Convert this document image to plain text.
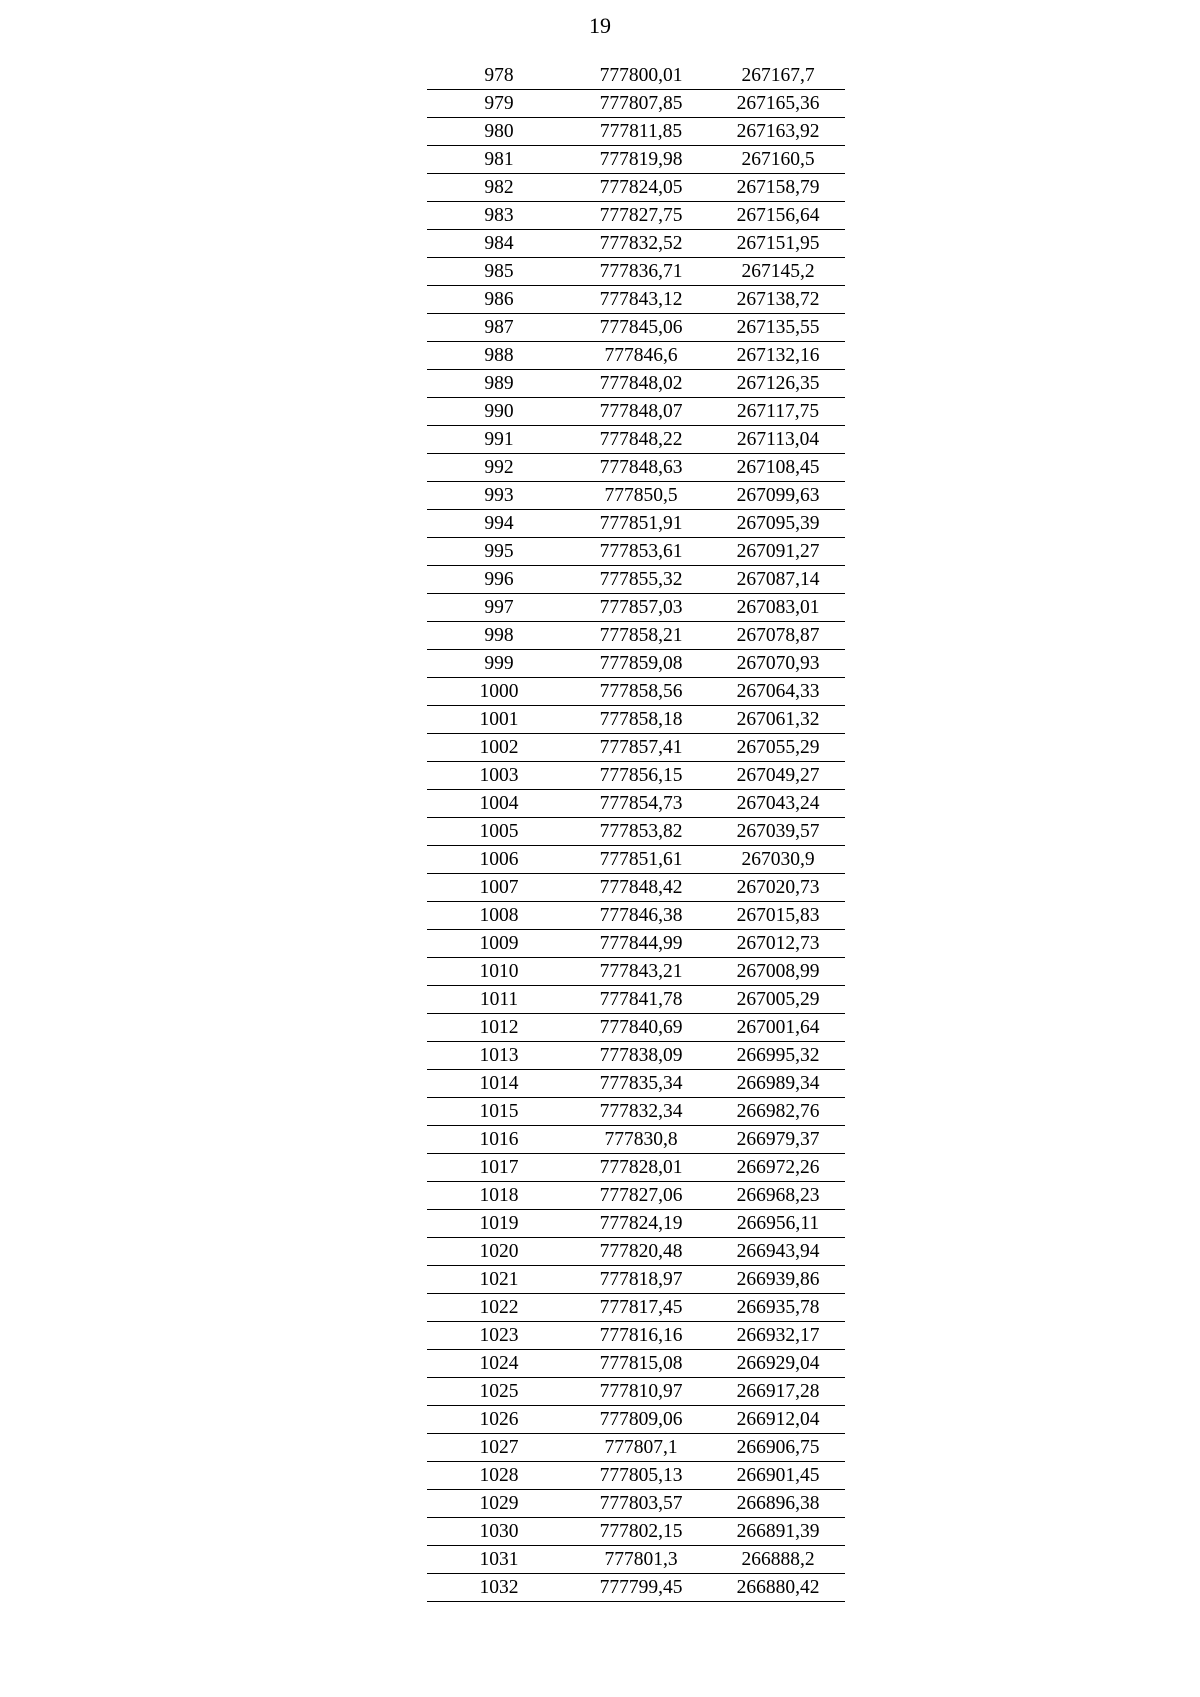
19
978	777800,01	267167,7
979	777807,85	267165,36
980	777811,85	267163,92
981	777819,98	267160,5
982	777824,05	267158,79
983	777827,75	267156,64
984	777832,52	267151,95
985	777836,71	267145,2
986	777843,12	267138,72
987	777845,06	267135,55
988	777846,6	267132,16
989	777848,02	267126,35
990	777848,07	267117,75
991	777848,22	267113,04
992	777848,63	267108,45
993	777850,5	267099,63
994	777851,91	267095,39
995	777853,61	267091,27
996	777855,32	267087,14
997	777857,03	267083,01
998	777858,21	267078,87
999	777859,08	267070,93
1000	777858,56	267064,33
1001	777858,18	267061,32
1002	777857,41	267055,29
1003	777856,15	267049,27
1004	777854,73	267043,24
1005	777853,82	267039,57
1006	777851,61	267030,9
1007	777848,42	267020,73
1008	777846,38	267015,83
1009	777844,99	267012,73
1010	777843,21	267008,99
1011	777841,78	267005,29
1012	777840,69	267001,64
1013	777838,09	266995,32
1014	777835,34	266989,34
1015	777832,34	266982,76
1016	777830,8	266979,37
1017	777828,01	266972,26
1018	777827,06	266968,23
1019	777824,19	266956,11
1020	777820,48	266943,94
1021	777818,97	266939,86
1022	777817,45	266935,78
1023	777816,16	266932,17
1024	777815,08	266929,04
1025	777810,97	266917,28
1026	777809,06	266912,04
1027	777807,1	266906,75
1028	777805,13	266901,45
1029	777803,57	266896,38
1030	777802,15	266891,39
1031	777801,3	266888,2
1032	777799,45	266880,42
